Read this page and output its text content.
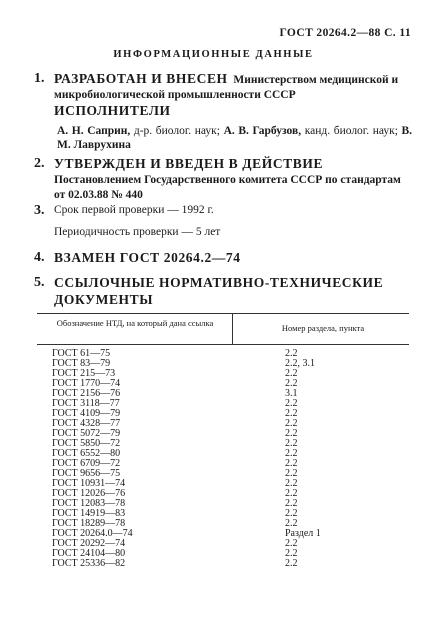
ГОСТ 20264.2—88 С. 11
ИНФОРМАЦИОННЫЕ ДАННЫЕ
1. РАЗРАБОТАН И ВНЕСЕН Министерством медицинской и микробиологической промышленности СССР
ИСПОЛНИТЕЛИ
А. Н. Саприн, д-р. биолог. наук; А. В. Гарбузов, канд. биолог. наук; В. М. Лаврухина
2. УТВЕРЖДЕН И ВВЕДЕН В ДЕЙСТВИЕ Постановлением Государственного комитета СССР по стандартам от 02.03.88 № 440
3. Срок первой проверки — 1992 г.
Периодичность проверки — 5 лет
4. ВЗАМЕН ГОСТ 20264.2—74
5. ССЫЛОЧНЫЕ НОРМАТИВНО-ТЕХНИЧЕСКИЕ ДОКУМЕНТЫ
Обозначение НТД, на который дана ссылка	Номер раздела, пункта
ГОСТ 61—75	2.2
ГОСТ 83—79	2.2, 3.1
ГОСТ 215—73	2.2
ГОСТ 1770—74	2.2
ГОСТ 2156—76	3.1
ГОСТ 3118—77	2.2
ГОСТ 4109—79	2.2
ГОСТ 4328—77	2.2
ГОСТ 5072—79	2.2
ГОСТ 5850—72	2.2
ГОСТ 6552—80	2.2
ГОСТ 6709—72	2.2
ГОСТ 9656—75	2.2
ГОСТ 10931—74	2.2
ГОСТ 12026—76	2.2
ГОСТ 12083—78	2.2
ГОСТ 14919—83	2.2
ГОСТ 18289—78	2.2
ГОСТ 20264.0—74	Раздел 1
ГОСТ 20292—74	2.2
ГОСТ 24104—80	2.2
ГОСТ 25336—82	2.2
